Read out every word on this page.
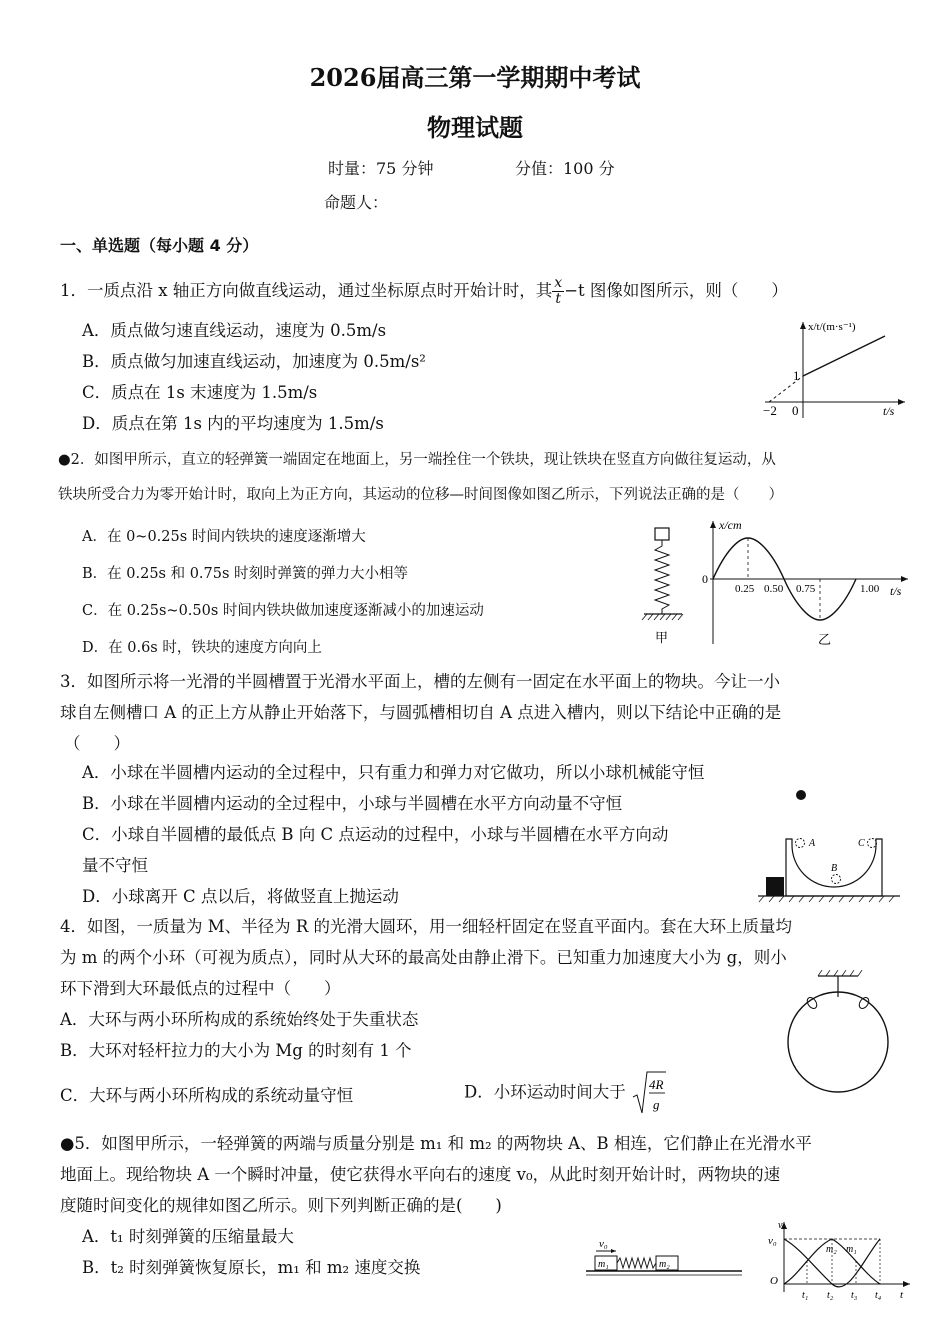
2026届高三第一学期期中考试
物理试题
时量：75 分钟	分值：100 分
命题人：
一、单选题（每小题 4 分）
1．一质点沿 x 轴正方向做直线运动，通过坐标原点时开始计时，其 $\frac{x}{t} -t$ 图像如图所示，则（　　）
A．质点做匀速直线运动，速度为 0.5m/s
B．质点做匀加速直线运动，加速度为 0.5m/s²
C．质点在 1s 末速度为 1.5m/s
D．质点在第 1s 内的平均速度为 1.5m/s
x/t/(m·s⁻¹)
t/s
1
−2 0
●2．如图甲所示，直立的轻弹簧一端固定在地面上，另一端拴住一个铁块，现让铁块在竖直方向做往复运动，从
铁块所受合力为零开始计时，取向上为正方向，其运动的位移—时间图像如图乙所示，下列说法正确的是（　　）
A．在 0~0.25s 时间内铁块的速度逐渐增大
B．在 0.25s 和 0.75s 时刻时弹簧的弹力大小相等
C．在 0.25s~0.50s 时间内铁块做加速度逐渐减小的加速运动
D．在 0.6s 时，铁块的速度方向向上
甲
x/cm
0
0.25 0.50 0.75	1.00 t/s
乙
3．如图所示将一光滑的半圆槽置于光滑水平面上，槽的左侧有一固定在水平面上的物块。今让一小
球自左侧槽口 A 的正上方从静止开始落下，与圆弧槽相切自 A 点进入槽内，则以下结论中正确的是
（　　）
A．小球在半圆槽内运动的全过程中，只有重力和弹力对它做功，所以小球机械能守恒
B．小球在半圆槽内运动的全过程中，小球与半圆槽在水平方向动量不守恒
C．小球自半圆槽的最低点 B 向 C 点运动的过程中，小球与半圆槽在水平方向动
量不守恒
D．小球离开 C 点以后，将做竖直上抛运动
A
B
C
4．如图，一质量为 M、半径为 R 的光滑大圆环，用一细轻杆固定在竖直平面内。套在大环上质量均
为 m 的两个小环（可视为质点），同时从大环的最高处由静止滑下。已知重力加速度大小为 g，则小
环下滑到大环最低点的过程中（　　）
A．大环与两小环所构成的系统始终处于失重状态
B．大环对轻杆拉力的大小为 Mg 的时刻有 1 个
C．大环与两小环所构成的系统动量守恒	D．小环运动时间大于 4R
g
●5．如图甲所示，一轻弹簧的两端与质量分别是 m₁ 和 m₂ 的两物块 A、B 相连，它们静止在光滑水平
地面上。现给物块 A 一个瞬时冲量，使它获得水平向右的速度 v₀，从此时刻开始计时，两物块的速
度随时间变化的规律如图乙所示。则下列判断正确的是(　　)
A．t₁ 时刻弹簧的压缩量最大
B．t₂ 时刻弹簧恢复原长，m₁ 和 m₂ 速度交换
v₀
m₁	m₂
v
v₀
O
t
m₂ m₁
t₁ t₂ t₃ t₄
